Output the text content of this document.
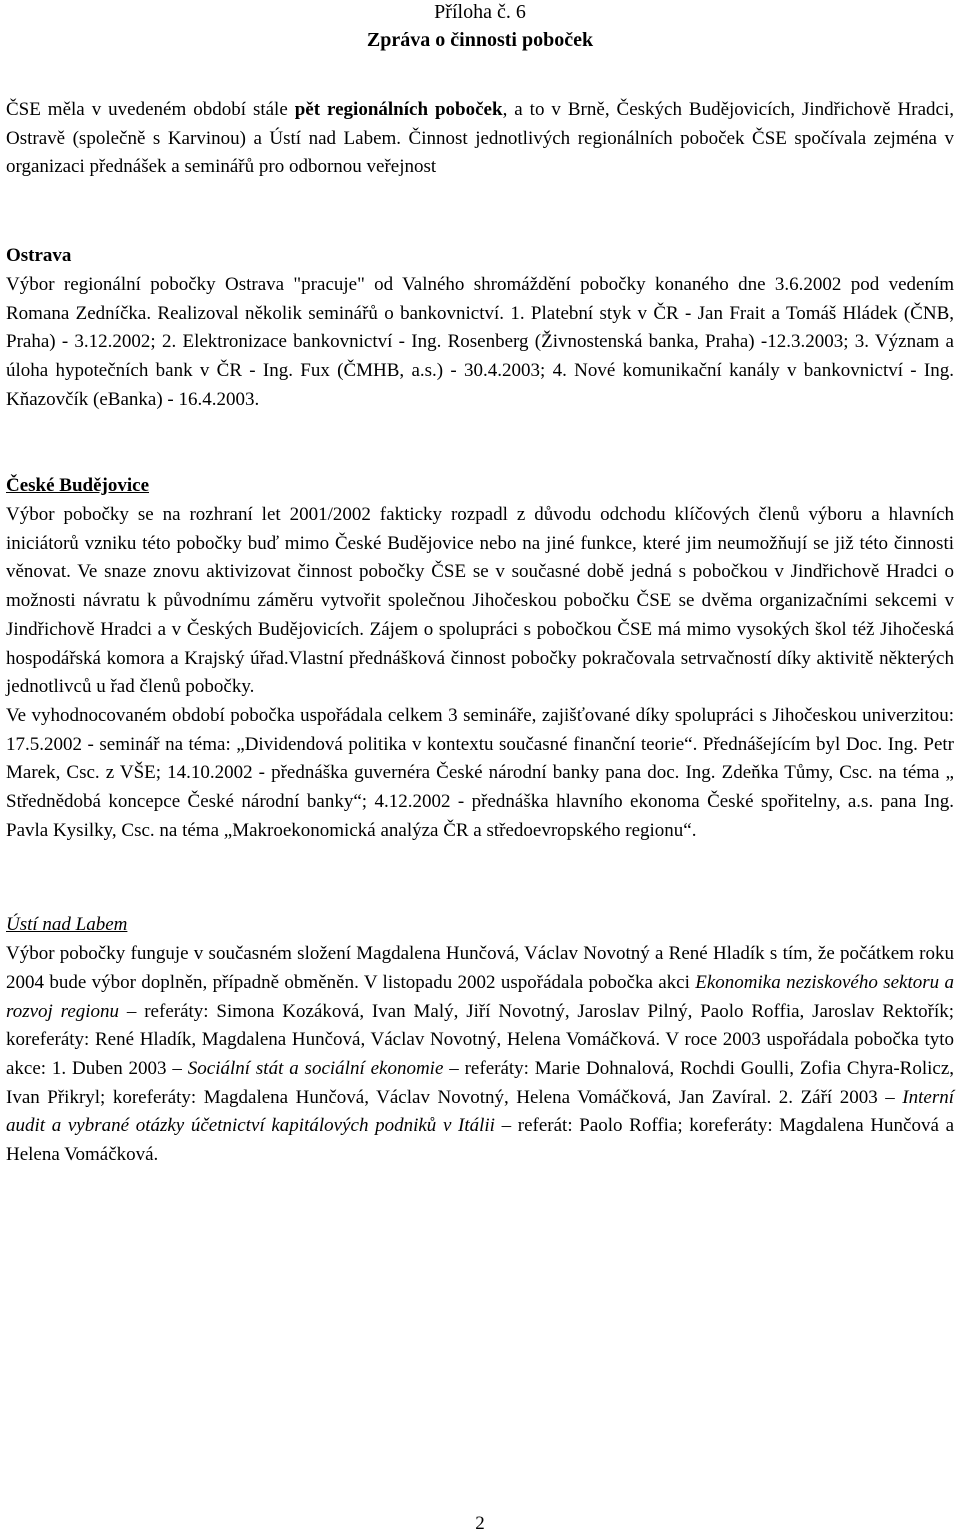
Příloha č. 6
Zpráva o činnosti poboček

ČSE měla v uvedeném období stále pět regionálních poboček, a to v Brně, Českých Budějovicích, Jindřichově Hradci, Ostravě (společně s Karvinou) a Ústí nad Labem. Činnost jednotlivých regionálních poboček ČSE spočívala zejména v organizaci přednášek a seminářů pro odbornou veřejnost

Ostrava

Výbor regionální pobočky Ostrava "pracuje" od Valného shromáždění pobočky konaného dne 3.6.2002 pod vedením Romana Zedníčka. Realizoval několik seminářů o bankovnictví. 1. Platební styk v ČR - Jan Frait a Tomáš Hládek (ČNB, Praha) - 3.12.2002; 2. Elektronizace bankovnictví - Ing. Rosenberg (Živnostenská banka, Praha) -12.3.2003; 3. Význam a úloha hypotečních bank v ČR - Ing. Fux (ČMHB, a.s.) - 30.4.2003; 4. Nové komunikační kanály v bankovnictví - Ing. Kňazovčík (eBanka) - 16.4.2003.

České Budějovice

Výbor pobočky se na rozhraní let 2001/2002 fakticky rozpadl z důvodu odchodu klíčových členů výboru a hlavních iniciátorů vzniku této pobočky buď mimo České Budějovice nebo na jiné funkce, které jim neumožňují se již této činnosti věnovat. Ve snaze znovu aktivizovat činnost pobočky ČSE se v současné době jedná s pobočkou v Jindřichově Hradci o možnosti návratu k původnímu záměru vytvořit společnou Jihočeskou pobočku ČSE se dvěma organizačními sekcemi v Jindřichově Hradci a v Českých Budějovicích. Zájem o spolupráci s pobočkou ČSE má mimo vysokých škol též Jihočeská hospodářská komora a Krajský úřad.Vlastní přednášková činnost pobočky pokračovala setrvačností díky aktivitě některých jednotlivců u řad členů pobočky.

Ve vyhodnocovaném období pobočka uspořádala celkem 3 semináře, zajišťované díky spolupráci s Jihočeskou univerzitou: 17.5.2002 - seminář na téma: „Dividendová politika v kontextu současné finanční teorie“. Přednášejícím byl Doc. Ing. Petr Marek, Csc. z VŠE; 14.10.2002 - přednáška guvernéra České národní banky pana doc. Ing. Zdeňka Tůmy, Csc. na téma „ Střednědobá koncepce České národní banky“; 4.12.2002 - přednáška hlavního ekonoma České spořitelny, a.s. pana Ing. Pavla Kysilky, Csc. na téma „Makroekonomická analýza ČR a středoevropského regionu“.

Ústí nad Labem

Výbor pobočky funguje v současném složení Magdalena Hunčová, Václav Novotný a René Hladík s tím, že počátkem roku 2004 bude výbor doplněn, případně obměněn. V listopadu 2002 uspořádala pobočka akci Ekonomika neziskového sektoru a rozvoj regionu – referáty: Simona Kozáková, Ivan Malý, Jiří Novotný, Jaroslav Pilný, Paolo Roffia, Jaroslav Rektořík; koreferáty: René Hladík, Magdalena Hunčová, Václav Novotný, Helena Vomáčková. V roce 2003 uspořádala pobočka tyto akce: 1. Duben 2003 – Sociální stát a sociální ekonomie – referáty: Marie Dohnalová, Rochdi Goulli, Zofia Chyra-Rolicz, Ivan Přikryl; koreferáty: Magdalena Hunčová, Václav Novotný, Helena Vomáčková, Jan Zavíral. 2. Září 2003 – Interní audit a vybrané otázky účetnictví kapitálových podniků v Itálii – referát: Paolo Roffia; koreferáty: Magdalena Hunčová a Helena Vomáčková.

2
